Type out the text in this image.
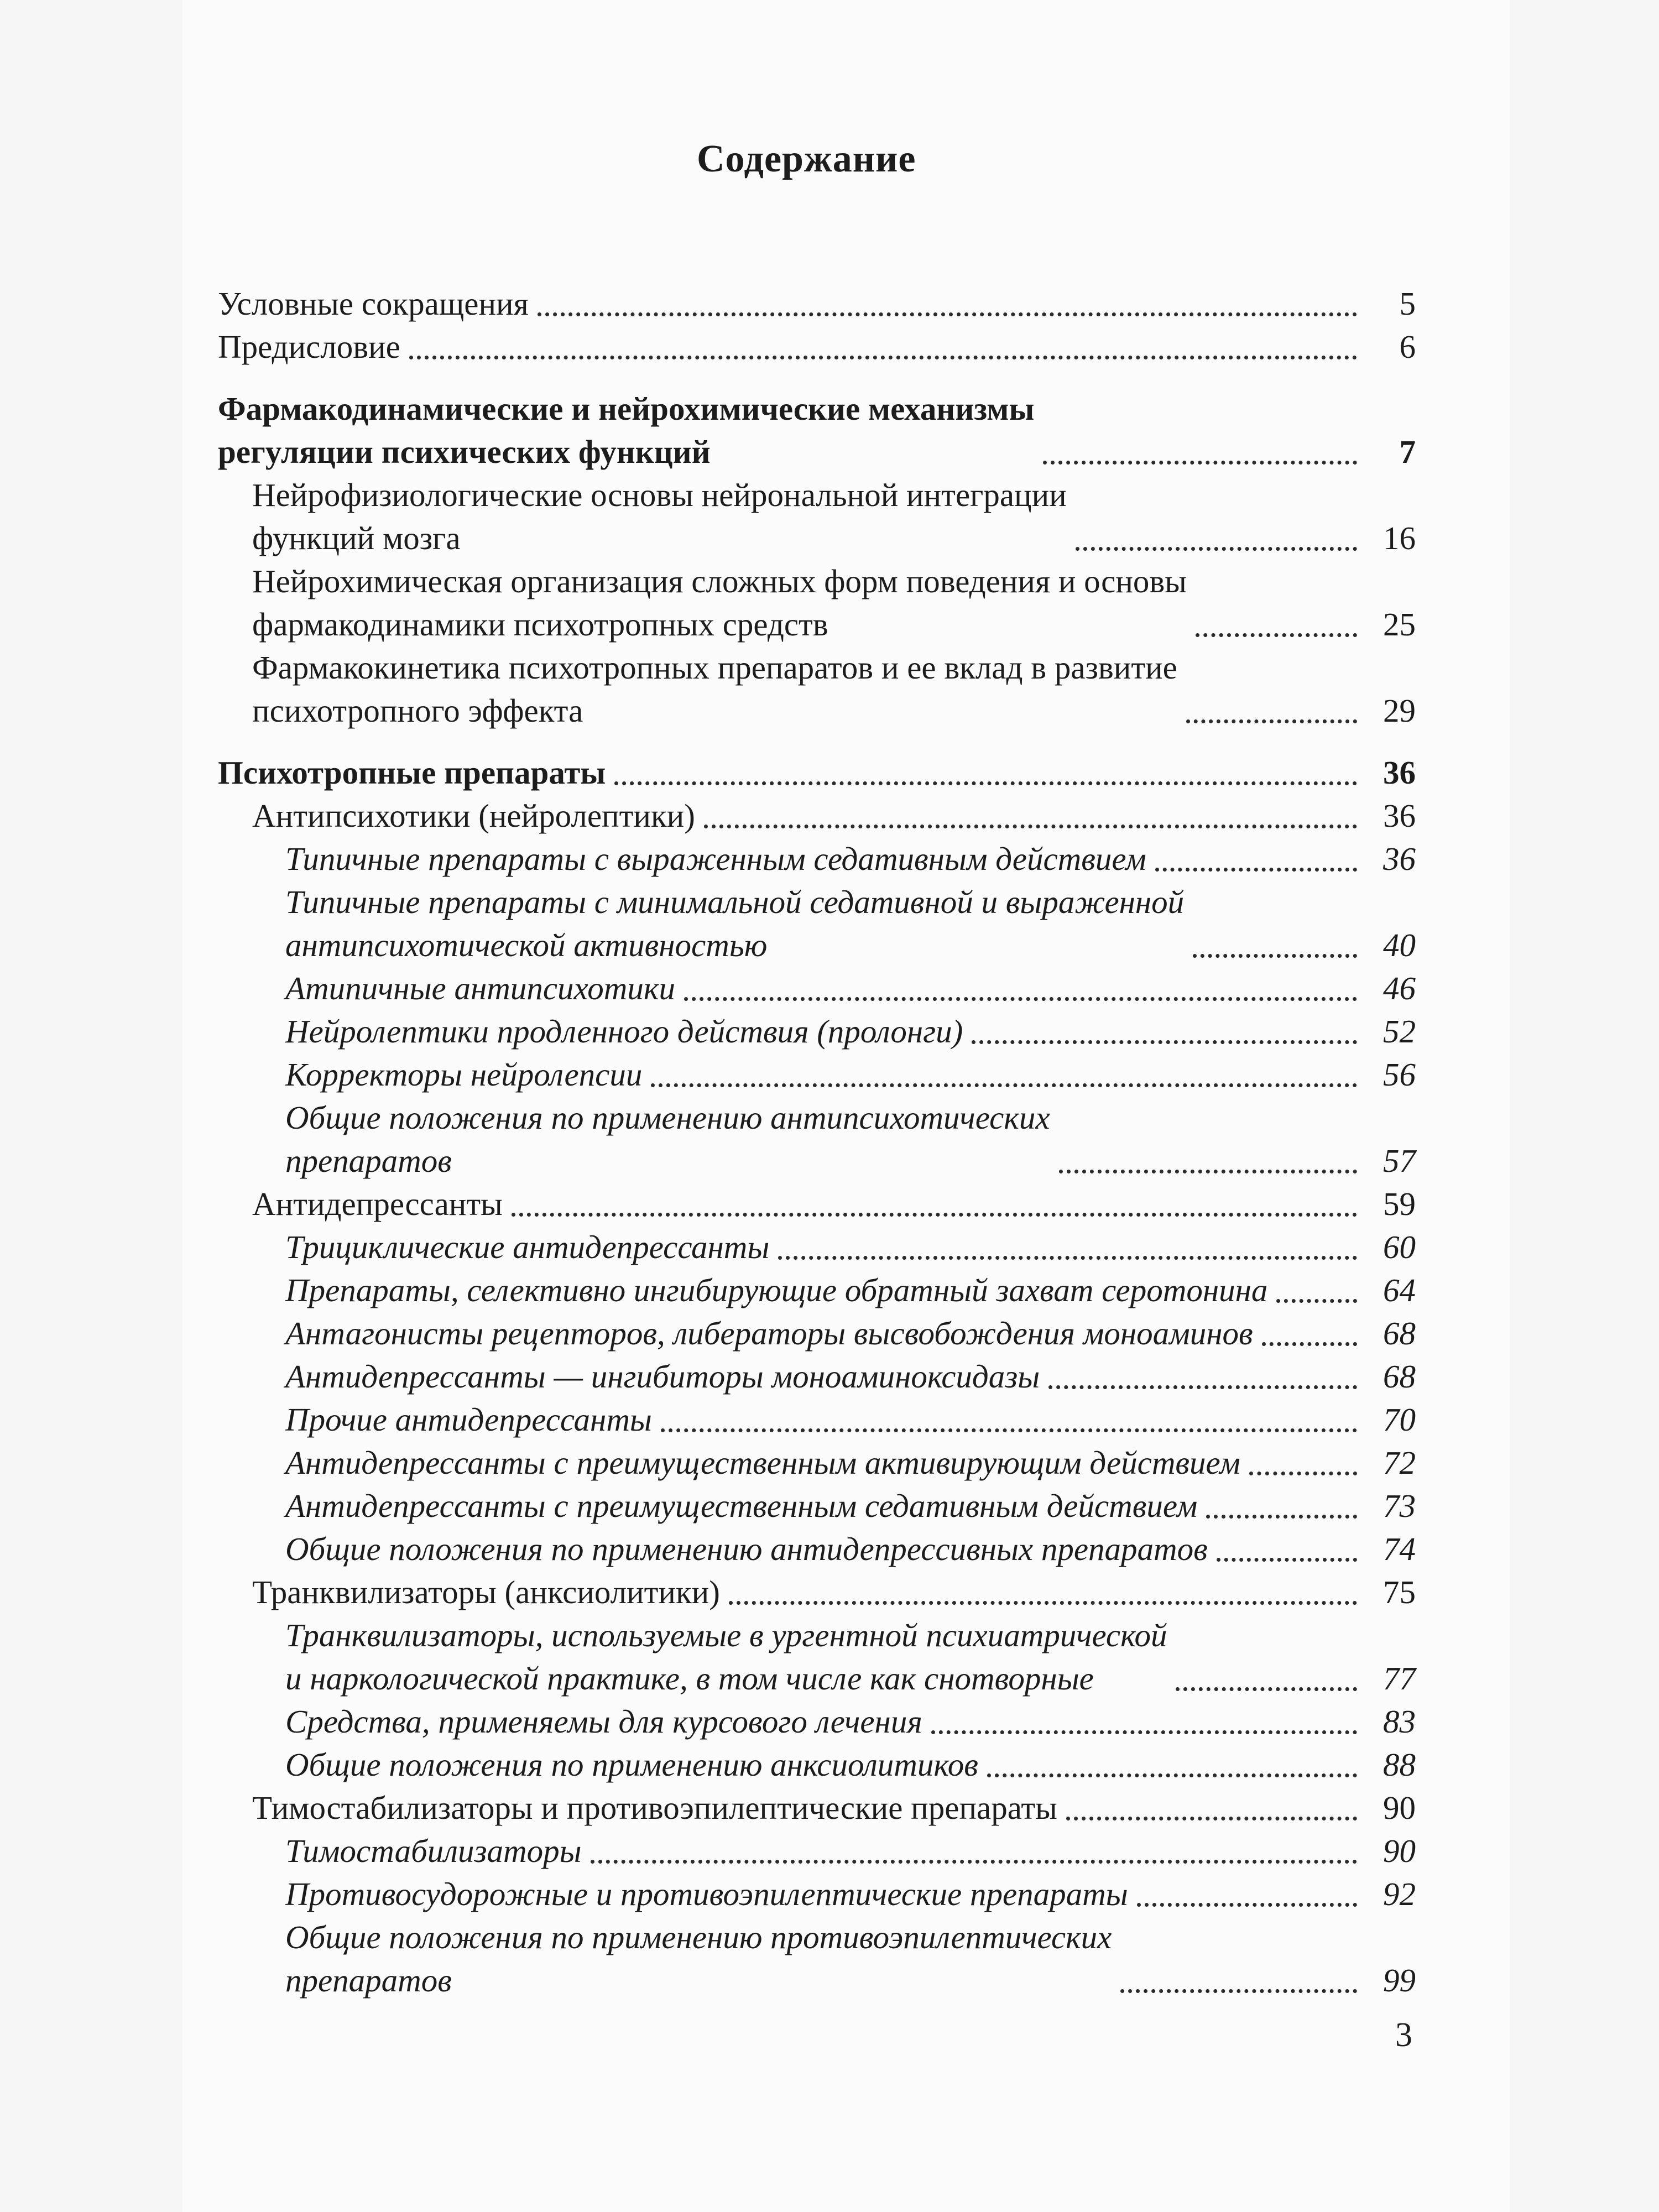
Содержание
Условные сокращения	5
Предисловие	6
Фармакодинамические и нейрохимические механизмы
регуляции психических функций	7
Нейрофизиологические основы нейрональной интеграции
функций мозга	16
Нейрохимическая организация сложных форм поведения и основы
фармакодинамики психотропных средств	25
Фармакокинетика психотропных препаратов и ее вклад в развитие
психотропного эффекта	29
Психотропные препараты	36
Антипсихотики (нейролептики)	36
Типичные препараты с выраженным седативным действием	36
Типичные препараты с минимальной седативной и выраженной
антипсихотической активностью	40
Атипичные антипсихотики	46
Нейролептики продленного действия (пролонги)	52
Корректоры нейролепсии	56
Общие положения по применению антипсихотических
препаратов	57
Антидепрессанты	59
Трициклические антидепрессанты	60
Препараты, селективно ингибирующие обратный захват серотонина	64
Антагонисты рецепторов, либераторы высвобождения моноаминов	68
Антидепрессанты — ингибиторы моноаминоксидазы	68
Прочие антидепрессанты	70
Антидепрессанты с преимущественным активирующим действием	72
Антидепрессанты с преимущественным седативным действием	73
Общие положения по применению антидепрессивных препаратов	74
Транквилизаторы (анксиолитики)	75
Транквилизаторы, используемые в ургентной психиатрической
и наркологической практике, в том числе как снотворные	77
Средства, применяемы для курсового лечения	83
Общие положения по применению анксиолитиков	88
Тимостабилизаторы и противоэпилептические препараты	90
Тимостабилизаторы	90
Противосудорожные и противоэпилептические препараты	92
Общие положения по применению противоэпилептических
препаратов	99
3
